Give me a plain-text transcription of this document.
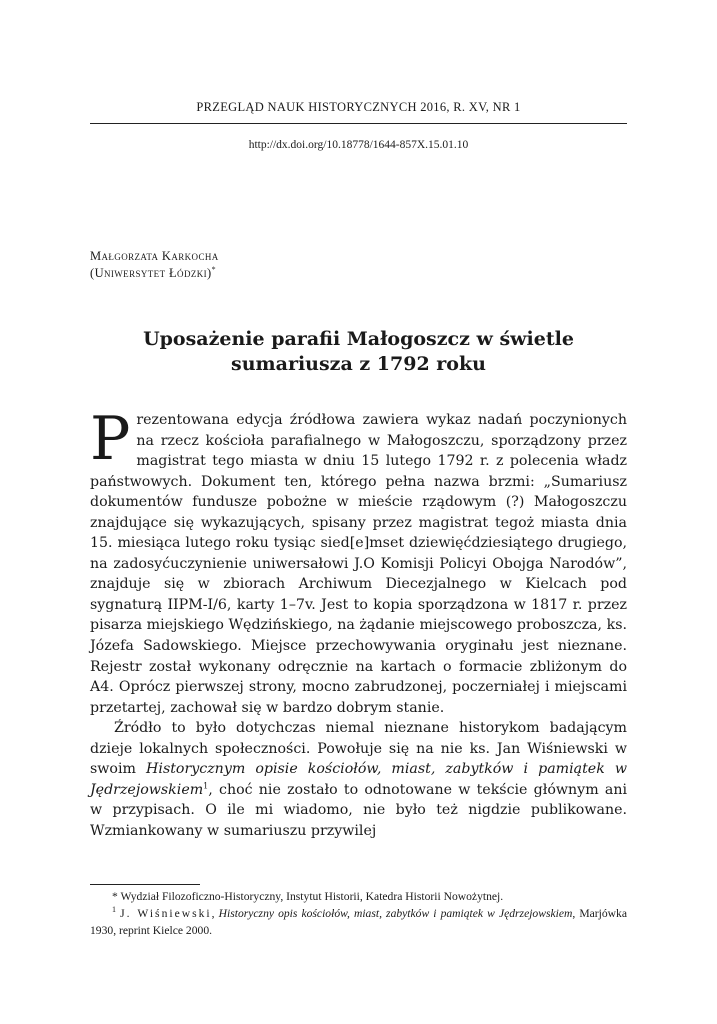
PRZEGLĄD NAUK HISTORYCZNYCH 2016, R. XV, NR 1
http://dx.doi.org/10.18778/1644-857X.15.01.10
Małgorzata Karkocha
(Uniwersytet Łódzki)*
Uposażenie parafii Małogoszcz w świetle
sumariusza z 1792 roku

Prezentowana edycja źródłowa zawiera wykaz nadań poczynionych na rzecz kościoła parafialnego w Małogoszczu, sporządzony przez magistrat tego miasta w dniu 15 lutego 1792 r. z polecenia władz państwowych. Dokument ten, którego pełna nazwa brzmi: „Sumariusz dokumentów fundusze pobożne w mieście rządowym (?) Małogoszczu znajdujące się wykazujących, spisany przez magistrat tegoż miasta dnia 15. miesiąca lutego roku tysiąc sied[e]mset dziewięćdziesiątego drugiego, na zadosyćuczynienie uniwersałowi J.O Komisji Policyi Obojga Narodów”, znajduje się w zbiorach Archiwum Diecezjalnego w Kielcach pod sygnaturą IIPM-I/6, karty 1–7v. Jest to kopia sporządzona w 1817 r. przez pisarza miejskiego Wędzińskiego, na żądanie miejscowego proboszcza, ks. Józefa Sadowskiego. Miejsce przechowywania oryginału jest nieznane. Rejestr został wykonany odręcznie na kartach o formacie zbliżonym do A4. Oprócz pierwszej strony, mocno zabrudzonej, poczerniałej i miejscami przetartej, zachował się w bardzo dobrym stanie.

Źródło to było dotychczas niemal nieznane historykom badającym dzieje lokalnych społeczności. Powołuje się na nie ks. Jan Wiśniewski w swoim Historycznym opisie kościołów, miast, zabytków i pamiątek w Jędrzejowskiem$^1$, choć nie zostało to odnotowane w tekście głównym ani w przypisach. O ile mi wiadomo, nie było też nigdzie publikowane. Wzmiankowany w sumariuszu przywilej

* Wydział Filozoficzno-Historyczny, Instytut Historii, Katedra Historii Nowożytnej.

$^1$ J. Wiśniewski, Historyczny opis kościołów, miast, zabytków i pamiątek w Jędrzejowskiem, Marjówka 1930, reprint Kielce 2000.
